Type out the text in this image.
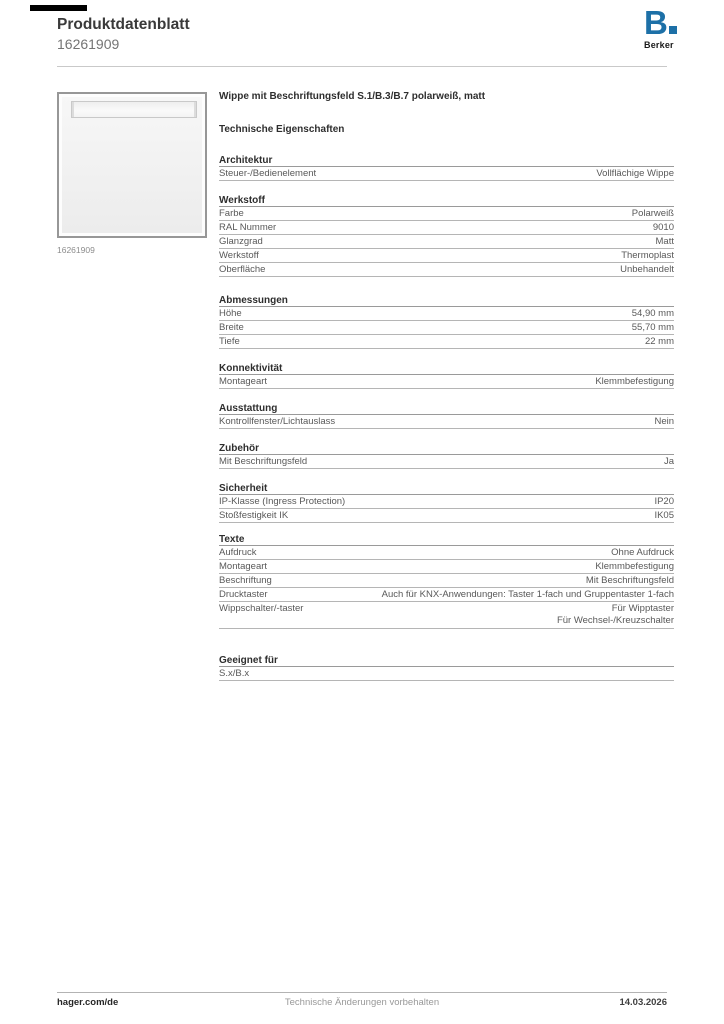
Produktdatenblatt
16261909
B
Berker
16261909
Wippe mit Beschriftungsfeld S.1/B.3/B.7 polarweiß, matt
Technische Eigenschaften
Architektur
Steuer-/Bedienelement	Vollflächige Wippe
Werkstoff
Farbe	Polarweiß
RAL Nummer	9010
Glanzgrad	Matt
Werkstoff	Thermoplast
Oberfläche	Unbehandelt
Abmessungen
Höhe	54,90 mm
Breite	55,70 mm
Tiefe	22 mm
Konnektivität
Montageart	Klemmbefestigung
Ausstattung
Kontrollfenster/Lichtauslass	Nein
Zubehör
Mit Beschriftungsfeld	Ja
Sicherheit
IP-Klasse (Ingress Protection)	IP20
Stoßfestigkeit IK	IK05
Texte
Aufdruck	Ohne Aufdruck
Montageart	Klemmbefestigung
Beschriftung	Mit Beschriftungsfeld
Drucktaster	Auch für KNX-Anwendungen: Taster 1-fach und Gruppentaster 1-fach
Wippschalter/-taster	Für Wipptaster
Für Wechsel-/Kreuzschalter
Geeignet für
S.x/B.x
Technische Änderungen vorbehalten
hager.com/de	14.03.2026
